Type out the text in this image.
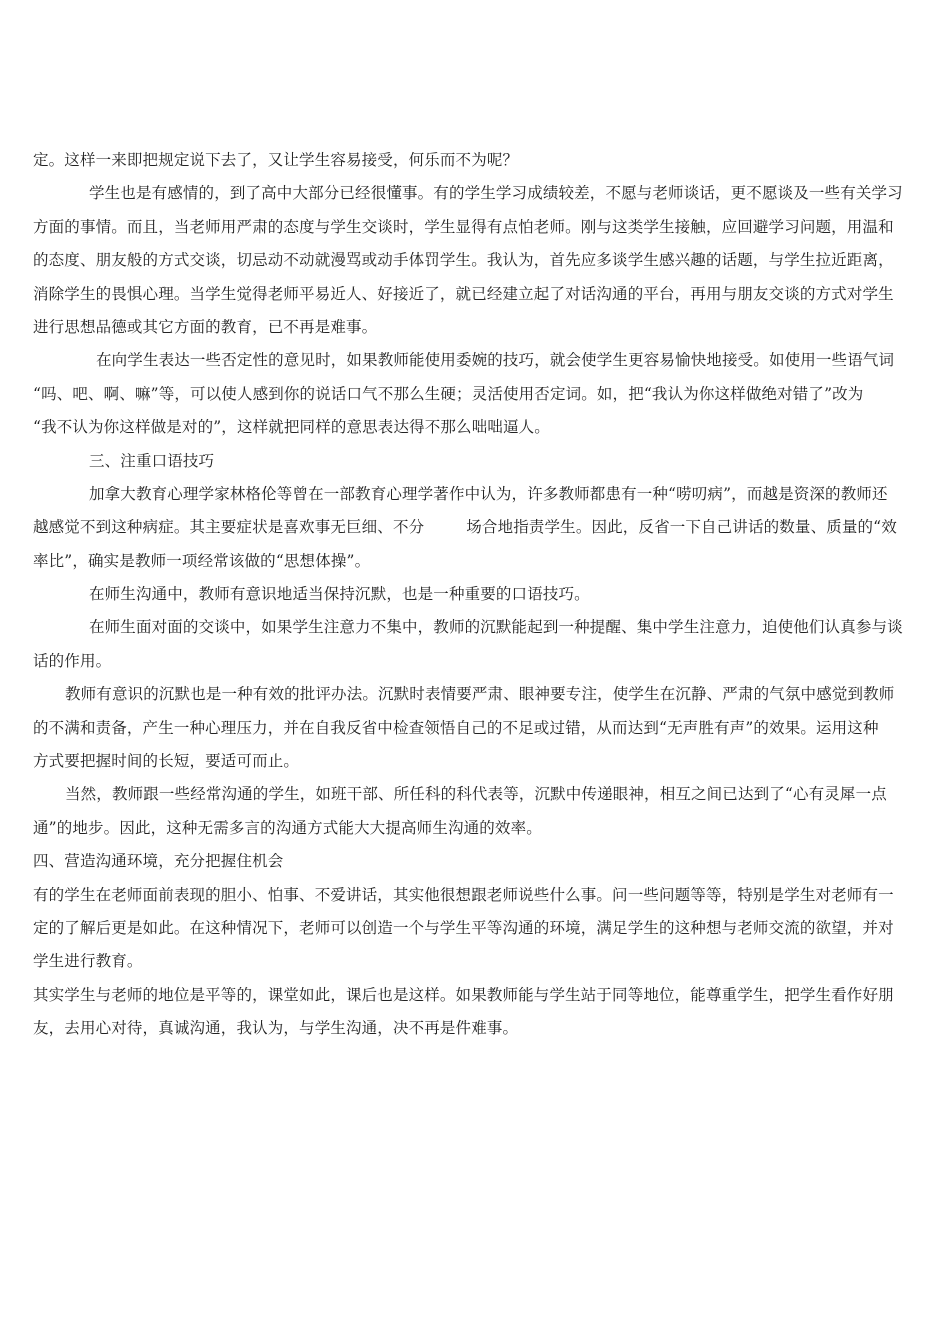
定。这样一来即把规定说下去了，又让学生容易接受，何乐而不为呢？
学生也是有感情的，到了高中大部分已经很懂事。有的学生学习成绩较差，不愿与老师谈话，更不愿谈及一些有关学习
方面的事情。而且，当老师用严肃的态度与学生交谈时，学生显得有点怕老师。刚与这类学生接触，应回避学习问题，用温和
的态度、朋友般的方式交谈，切忌动不动就漫骂或动手体罚学生。我认为，首先应多谈学生感兴趣的话题，与学生拉近距离，
消除学生的畏惧心理。当学生觉得老师平易近人、好接近了，就已经建立起了对话沟通的平台，再用与朋友交谈的方式对学生
进行思想品德或其它方面的教育，已不再是难事。
在向学生表达一些否定性的意见时，如果教师能使用委婉的技巧，就会使学生更容易愉快地接受。如使用一些语气词
“吗、吧、啊、嘛”等，可以使人感到你的说话口气不那么生硬；灵活使用否定词。如，把“我认为你这样做绝对错了”改为
“我不认为你这样做是对的”，这样就把同样的意思表达得不那么咄咄逼人。
三、注重口语技巧
加拿大教育心理学家林格伦等曾在一部教育心理学著作中认为，许多教师都患有一种“唠叨病”，而越是资深的教师还
越感觉不到这种病症。其主要症状是喜欢事无巨细、不分	场合地指责学生。因此，反省一下自己讲话的数量、质量的“效
率比”，确实是教师一项经常该做的“思想体操”。
在师生沟通中，教师有意识地适当保持沉默，也是一种重要的口语技巧。
在师生面对面的交谈中，如果学生注意力不集中，教师的沉默能起到一种提醒、集中学生注意力，迫使他们认真参与谈
话的作用。
教师有意识的沉默也是一种有效的批评办法。沉默时表情要严肃、眼神要专注，使学生在沉静、严肃的气氛中感觉到教师
的不满和责备，产生一种心理压力，并在自我反省中检查领悟自己的不足或过错，从而达到“无声胜有声”的效果。运用这种
方式要把握时间的长短，要适可而止。
当然，教师跟一些经常沟通的学生，如班干部、所任科的科代表等，沉默中传递眼神，相互之间已达到了“心有灵犀一点
通”的地步。因此，这种无需多言的沟通方式能大大提高师生沟通的效率。
四、营造沟通环境，充分把握住机会
有的学生在老师面前表现的胆小、怕事、不爱讲话，其实他很想跟老师说些什么事。问一些问题等等，特别是学生对老师有一
定的了解后更是如此。在这种情况下，老师可以创造一个与学生平等沟通的环境，满足学生的这种想与老师交流的欲望，并对
学生进行教育。
其实学生与老师的地位是平等的，课堂如此，课后也是这样。如果教师能与学生站于同等地位，能尊重学生，把学生看作好朋
友，去用心对待，真诚沟通，我认为，与学生沟通，决不再是件难事。
